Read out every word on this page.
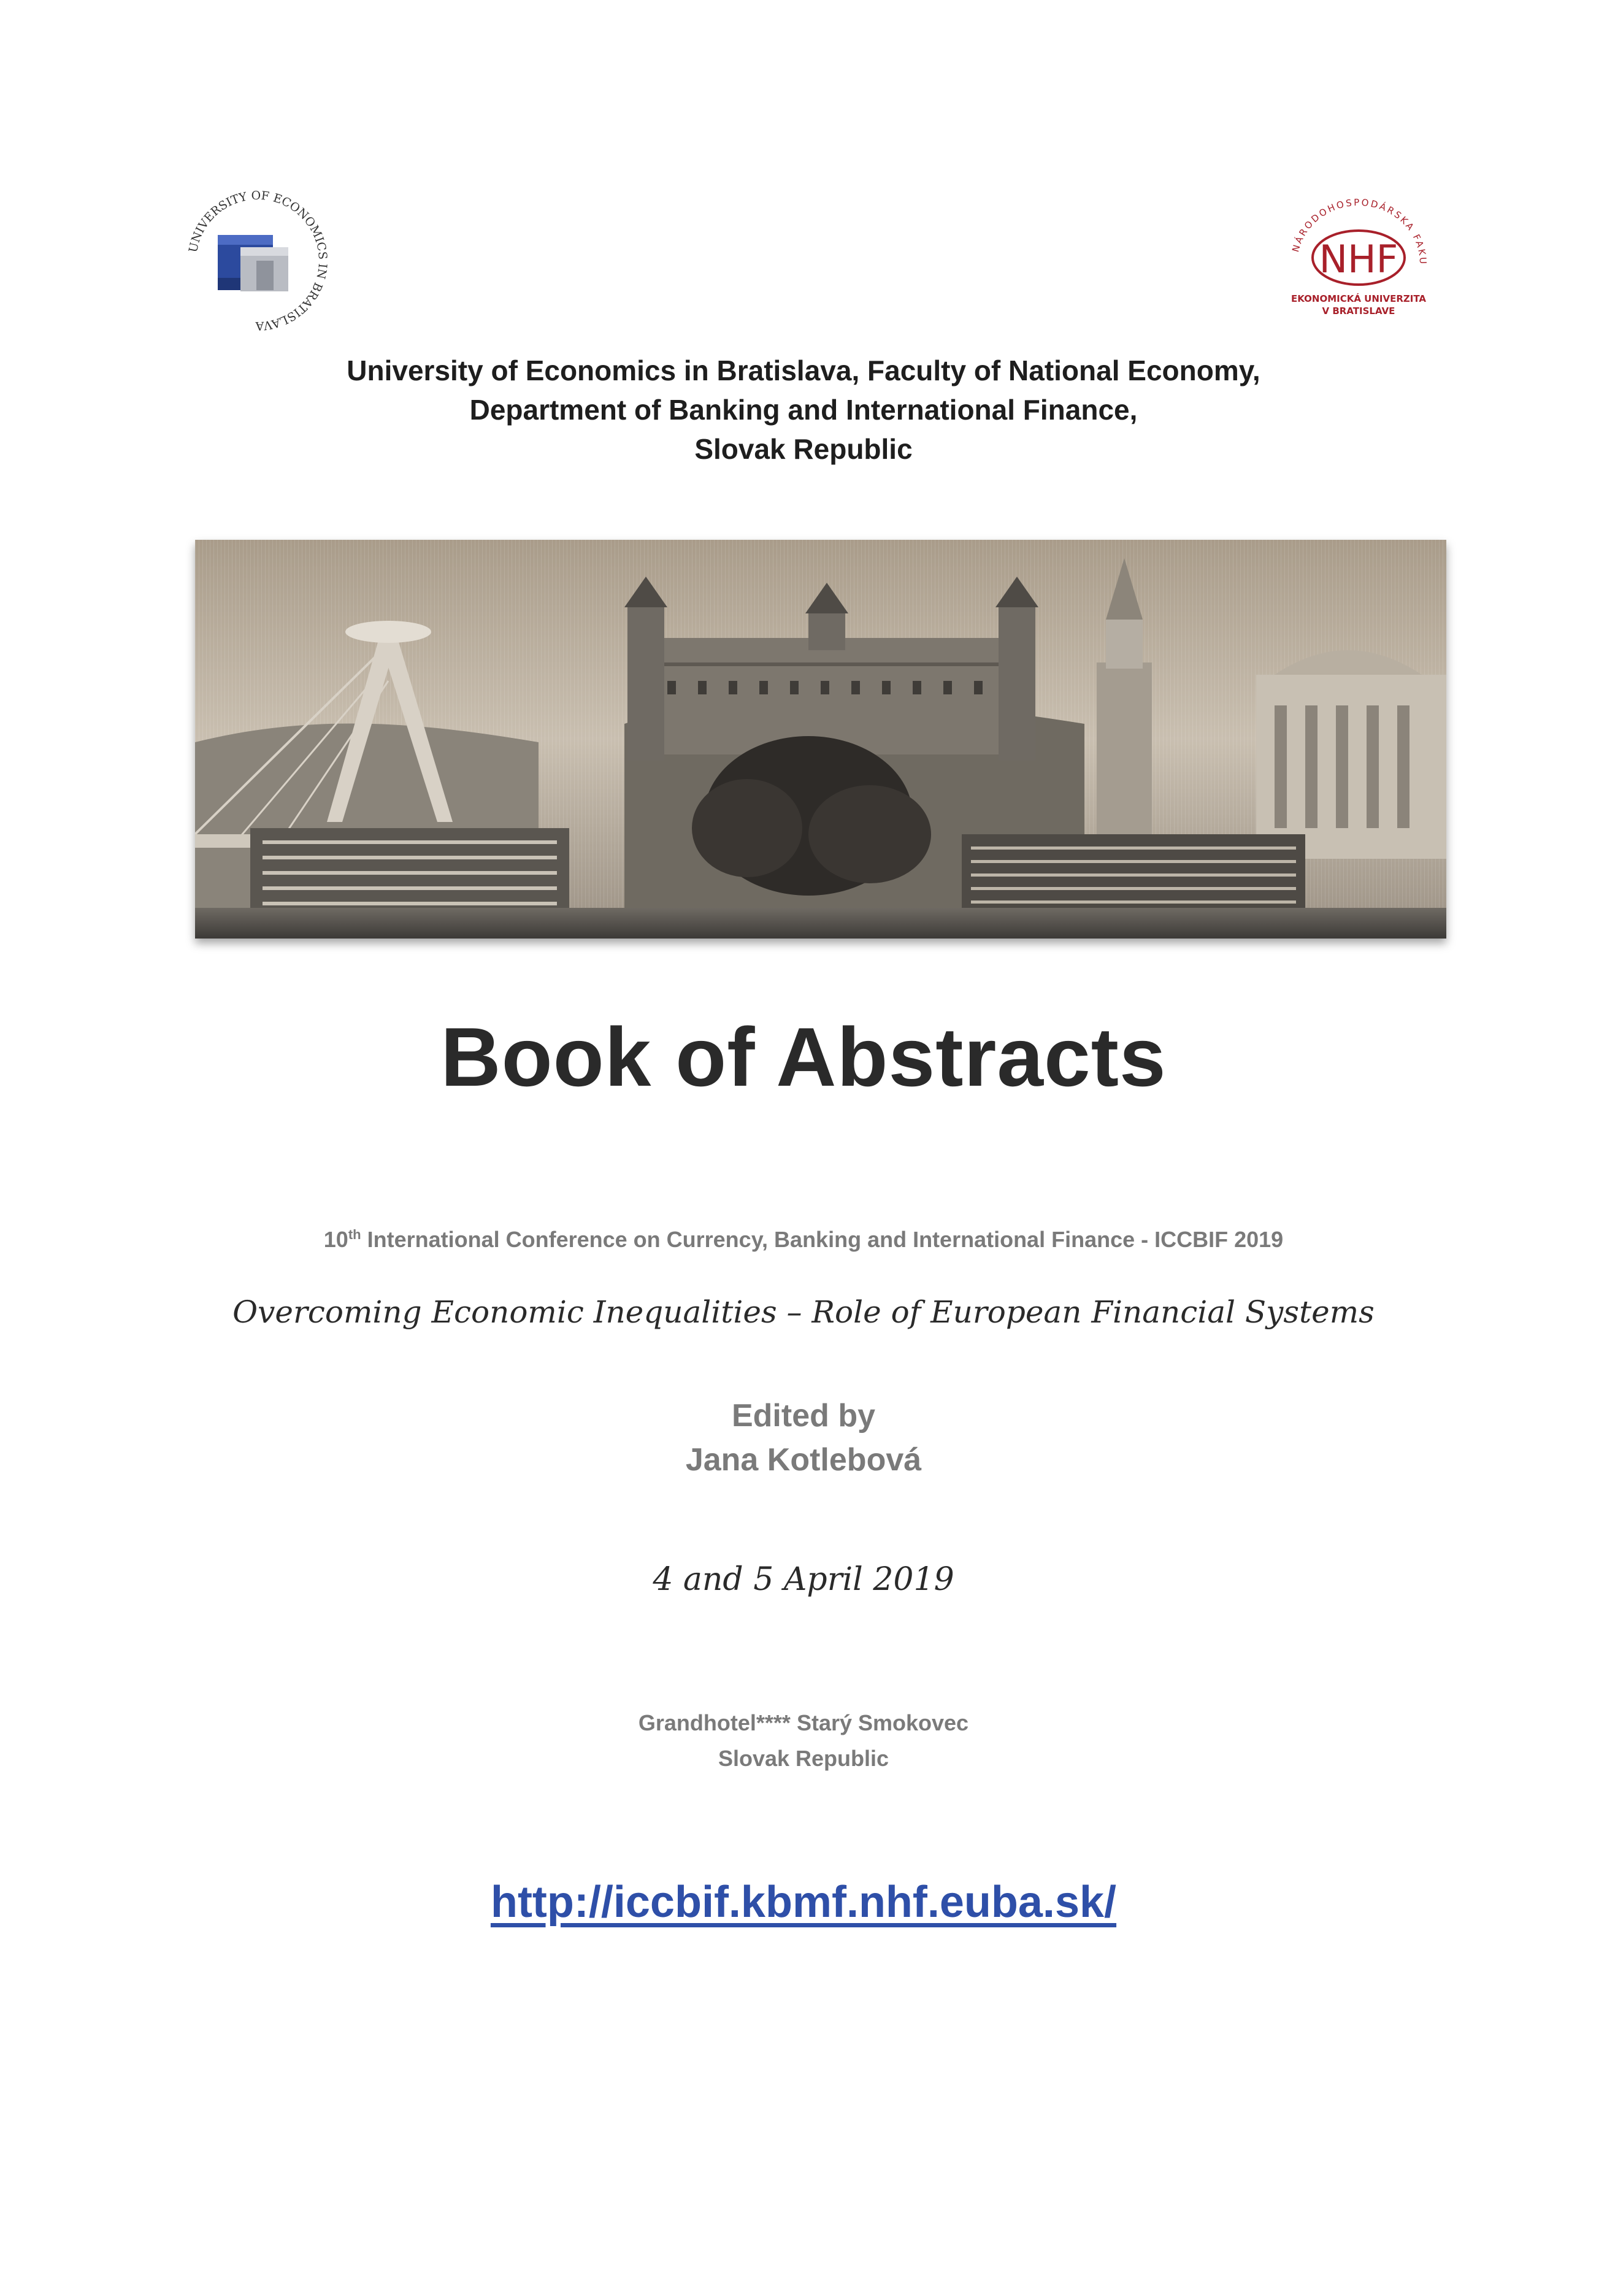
UNIVERSITY OF ECONOMICS IN BRATISLAVA
NÁRODOHOSPODÁRSKA FAKU
NHF
EKONOMICKÁ UNIVERZITA
V BRATISLAVE
University of Economics in Bratislava, Faculty of National Economy,
Department of Banking and International Finance,
Slovak Republic
Book of Abstracts
10th International Conference on Currency, Banking and International Finance - ICCBIF 2019
Overcoming Economic Inequalities – Role of European Financial Systems
Edited by
Jana Kotlebová
4 and 5 April 2019
Grandhotel**** Starý Smokovec
Slovak Republic
http://iccbif.kbmf.nhf.euba.sk/
